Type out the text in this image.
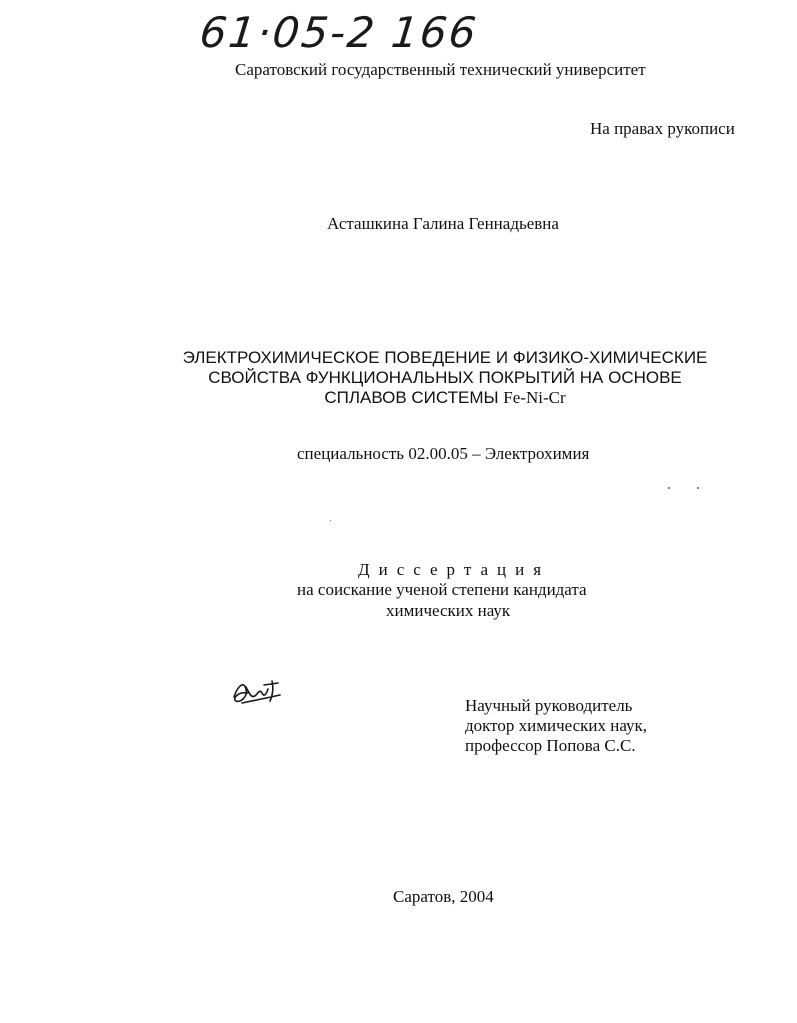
61·05-2 166
Саратовский государственный технический университет
На правах рукописи
Асташкина Галина Геннадьевна
ЭЛЕКТРОХИМИЧЕСКОЕ ПОВЕДЕНИЕ И ФИЗИКО-ХИМИЧЕСКИЕ
СВОЙСТВА ФУНКЦИОНАЛЬНЫХ ПОКРЫТИЙ НА ОСНОВЕ
СПЛАВОВ СИСТЕМЫ Fe-Ni-Cr
специальность 02.00.05 – Электрохимия
Диссертация
на соискание ученой степени кандидата
химических наук
Научный руководитель
доктор химических наук,
профессор Попова С.С.
Саратов, 2004
